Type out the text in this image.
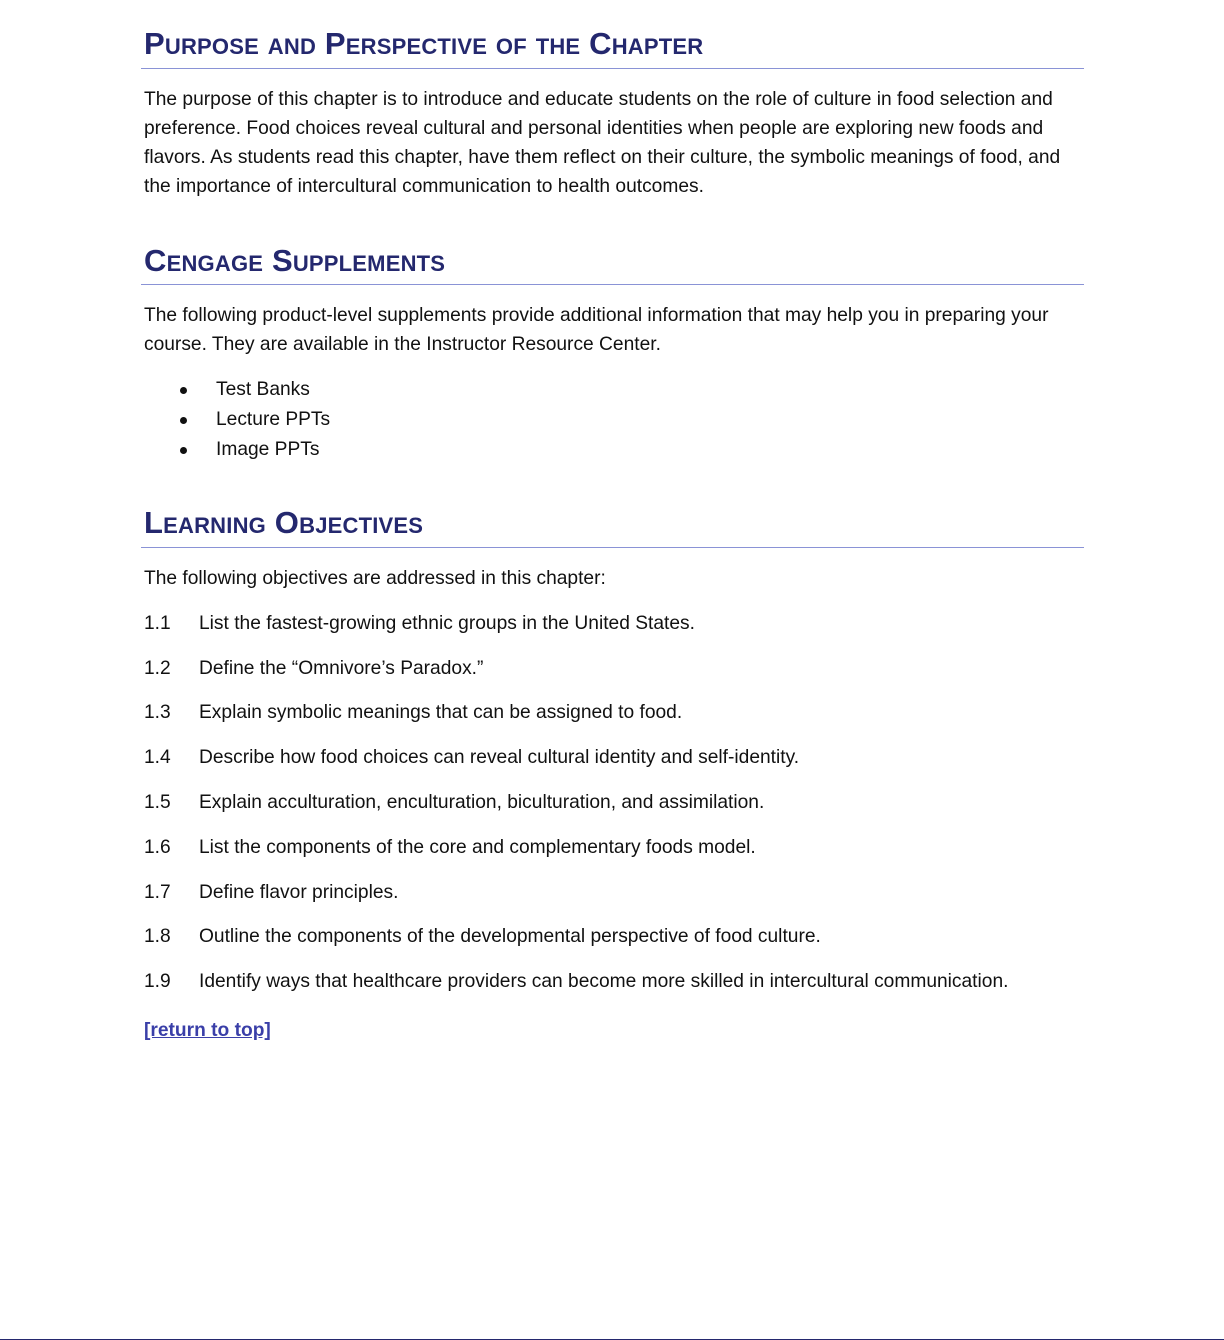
Purpose and Perspective of the Chapter

The purpose of this chapter is to introduce and educate students on the role of culture in food selection and preference. Food choices reveal cultural and personal identities when people are exploring new foods and flavors. As students read this chapter, have them reflect on their culture, the symbolic meanings of food, and the importance of intercultural communication to health outcomes.

Cengage Supplements

The following product-level supplements provide additional information that may help you in preparing your course. They are available in the Instructor Resource Center.

Test Banks
Lecture PPTs
Image PPTs
Learning Objectives

The following objectives are addressed in this chapter:

1.1	List the fastest-growing ethnic groups in the United States.
1.2	Define the “Omnivore’s Paradox.”
1.3	Explain symbolic meanings that can be assigned to food.
1.4	Describe how food choices can reveal cultural identity and self-identity.
1.5	Explain acculturation, enculturation, biculturation, and assimilation.
1.6	List the components of the core and complementary foods model.
1.7	Define flavor principles.
1.8	Outline the components of the developmental perspective of food culture.
1.9	Identify ways that healthcare providers can become more skilled in intercultural communication.
[return to top]
